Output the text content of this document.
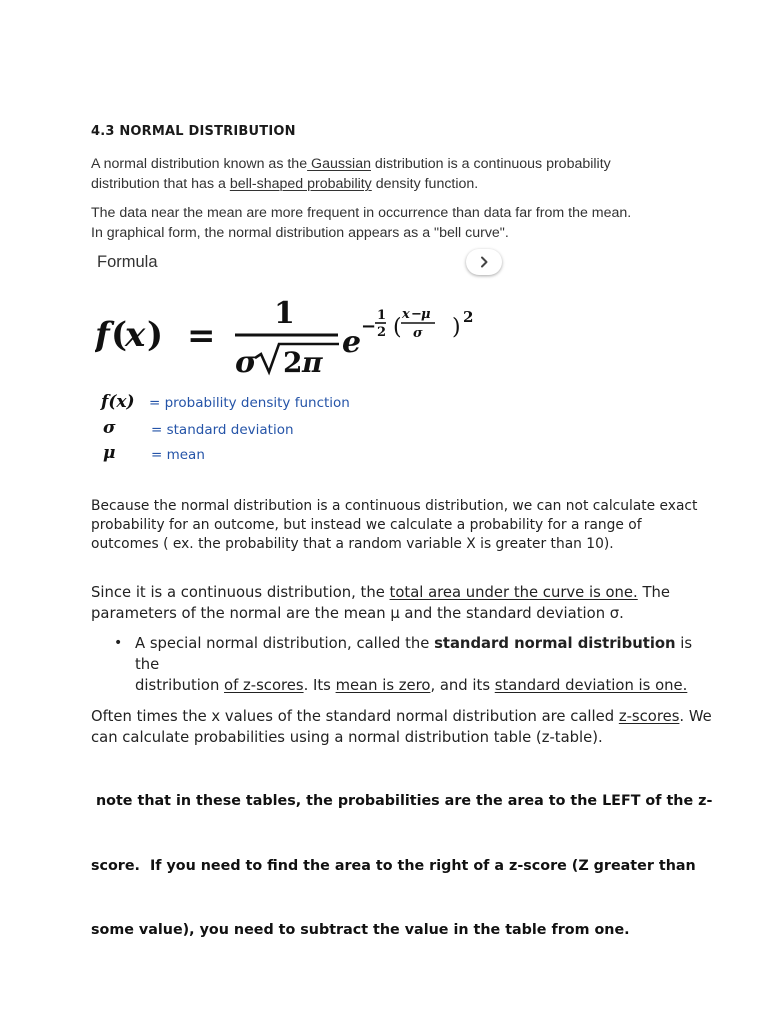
4.3 NORMAL DISTRIBUTION
A normal distribution known as the Gaussian distribution is a continuous probability
distribution that has a bell-shaped probability density function.
The data near the mean are more frequent in occurrence than data far from the mean.
In graphical form, the normal distribution appears as a "bell curve".
Formula
f (
x ) =
1
σ 2 π
e −
1
2 (
x − μ
σ ) 2
f(x) = probability density function
σ	= standard deviation
μ	= mean
Because the normal distribution is a continuous distribution, we can not calculate exact
probability for an outcome, but instead we calculate a probability for a range of
outcomes ( ex. the probability that a random variable X is greater than 10).
Since it is a continuous distribution, the total area under the curve is one. The
parameters of the normal are the mean μ and the standard deviation σ.
• A special normal distribution, called the standard normal distribution is the
distribution of z-scores. Its mean is zero, and its standard deviation is one.
Often times the x values of the standard normal distribution are called z-scores. We
can calculate probabilities using a normal distribution table (z-table).

note that in these tables, the probabilities are the area to the LEFT of the z-

score.  If you need to find the area to the right of a z-score (Z greater than

some value), you need to subtract the value in the table from one.
